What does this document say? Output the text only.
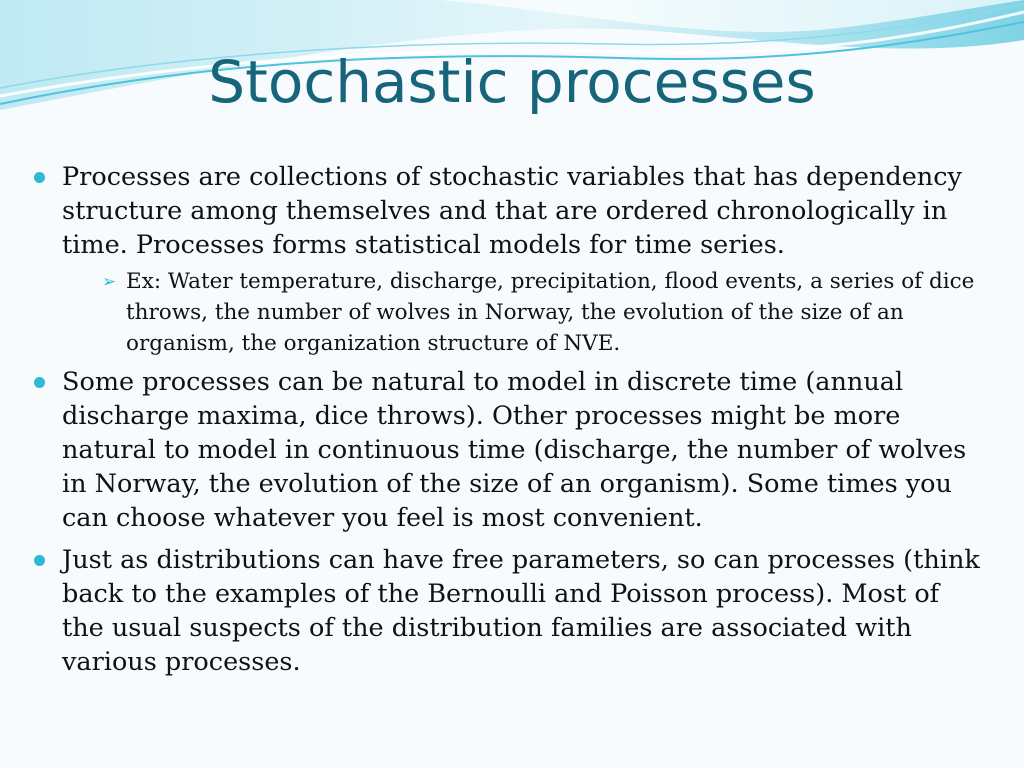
Stochastic processes
Processes are collections of stochastic variables that has dependency structure among themselves and that are ordered chronologically in time. Processes forms statistical models for time series.
➢ Ex: Water temperature, discharge, precipitation, flood events, a series of dice throws, the number of wolves in Norway, the evolution of the size of an organism, the organization structure of NVE.
Some processes can be natural to model in discrete time (annual discharge maxima, dice throws). Other processes might be more natural to model in continuous time (discharge, the number of wolves in Norway, the evolution of the size of an organism). Some times you can choose whatever you feel is most convenient.
Just as distributions can have free parameters, so can processes (think back to the examples of the Bernoulli and Poisson process). Most of the usual suspects of the distribution families are associated with various processes.
